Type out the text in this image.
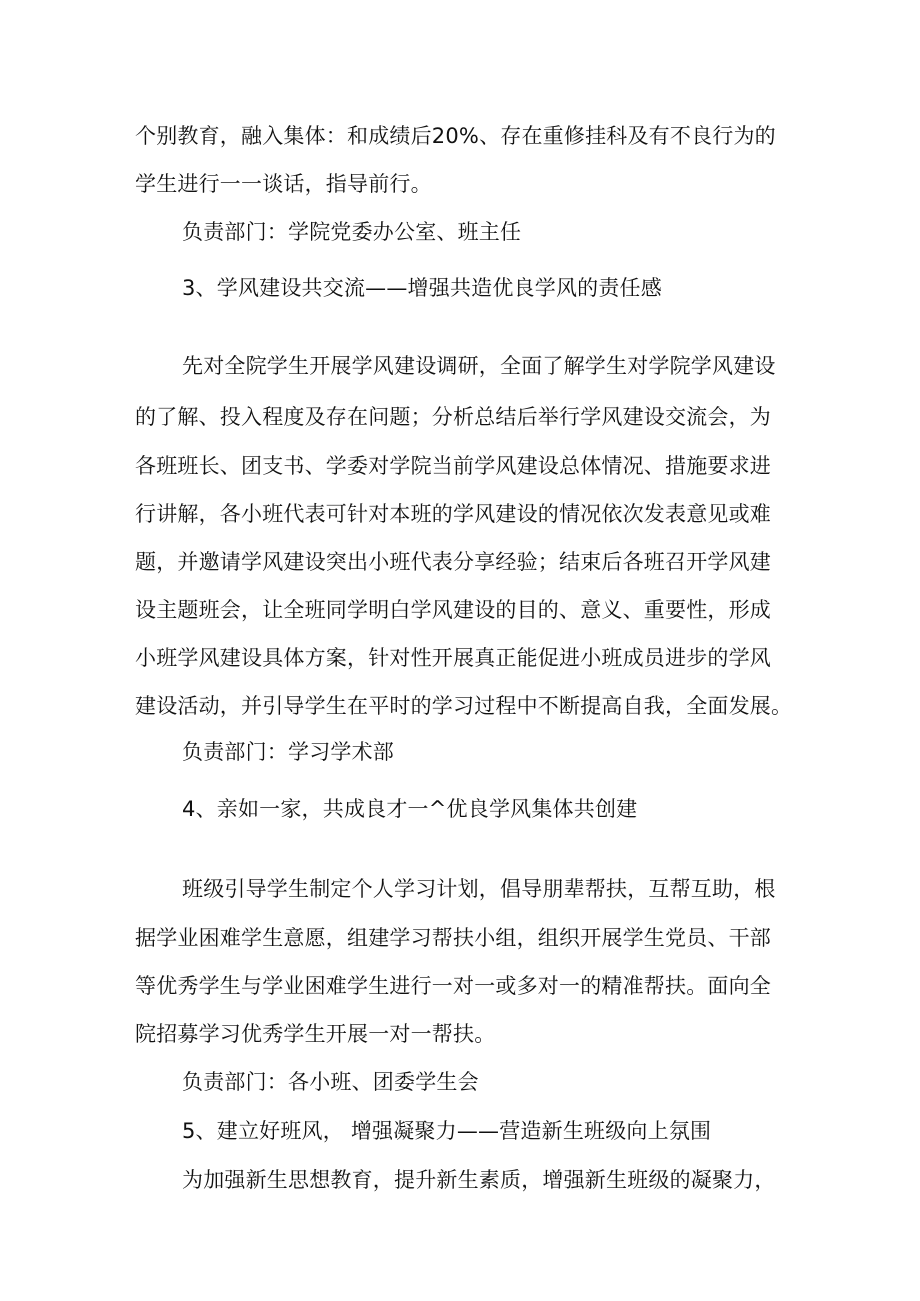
个别教育，融入集体：和成绩后20%、存在重修挂科及有不良行为的
学生进行一一谈话，指导前行。
负责部门：学院党委办公室、班主任
3、学风建设共交流——增强共造优良学风的责任感
先对全院学生开展学风建设调研，全面了解学生对学院学风建设
的了解、投入程度及存在问题；分析总结后举行学风建设交流会，为
各班班长、团支书、学委对学院当前学风建设总体情况、措施要求进
行讲解，各小班代表可针对本班的学风建设的情况依次发表意见或难
题，并邀请学风建设突出小班代表分享经验；结束后各班召开学风建
设主题班会，让全班同学明白学风建设的目的、意义、重要性，形成
小班学风建设具体方案，针对性开展真正能促进小班成员进步的学风
建设活动，并引导学生在平时的学习过程中不断提高自我，全面发展。
负责部门：学习学术部
4、亲如一家，共成良才一^优良学风集体共创建
班级引导学生制定个人学习计划，倡导朋辈帮扶，互帮互助，根
据学业困难学生意愿，组建学习帮扶小组，组织开展学生党员、干部
等优秀学生与学业困难学生进行一对一或多对一的精准帮扶。面向全
院招募学习优秀学生开展一对一帮扶。
负责部门：各小班、团委学生会
5、建立好班风， 增强凝聚力——营造新生班级向上氛围
为加强新生思想教育，提升新生素质，增强新生班级的凝聚力，
